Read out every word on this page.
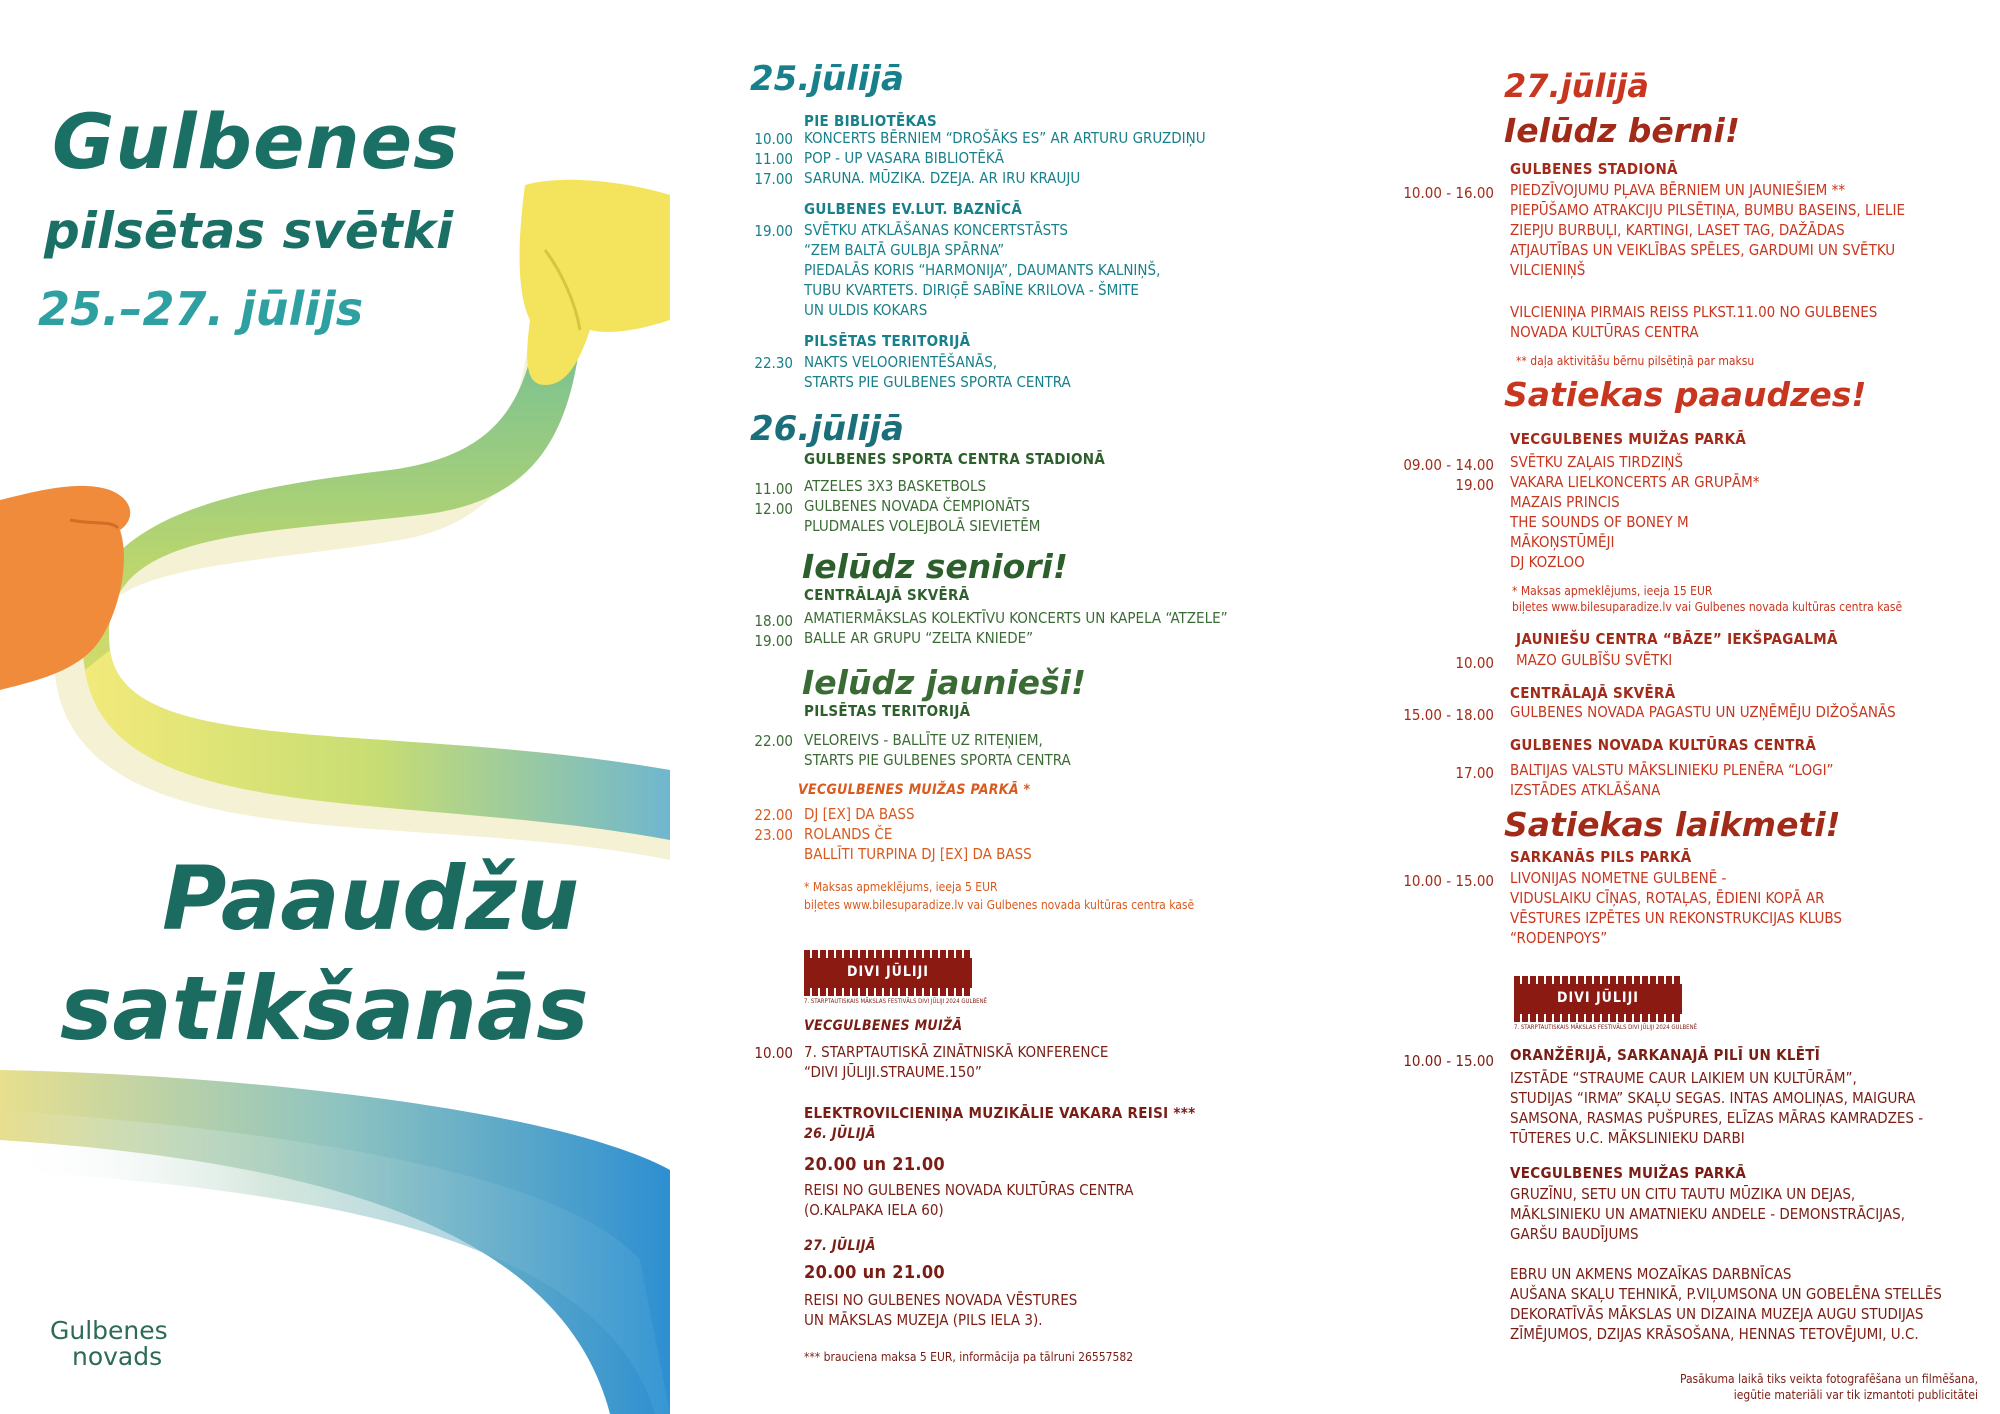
Gulbenes
pilsētas svētki
25.–27. jūlijs
Paaudžu
satikšanās
Gulbenes
novads
25.jūlijā
PIE BIBLIOTĒKAS
10.00 KONCERTS BĒRNIEM “DROŠĀKS ES” AR ARTURU GRUZDIŅU
11.00 POP - UP VASARA BIBLIOTĒKĀ
17.00 SARUNA. MŪZIKA. DZEJA. AR IRU KRAUJU
GULBENES EV.LUT. BAZNĪCĀ
19.00 SVĒTKU ATKLĀŠANAS KONCERTSTĀSTS
“ZEM BALTĀ GULBJA SPĀRNA”
PIEDALĀS KORIS “HARMONIJA”, DAUMANTS KALNIŅŠ,
TUBU KVARTETS. DIRIĢĒ SABĪNE KRILOVA - ŠMITE
UN ULDIS KOKARS
PILSĒTAS TERITORIJĀ
22.30 NAKTS VELOORIENTĒŠANĀS,
STARTS PIE GULBENES SPORTA CENTRA
26.jūlijā
GULBENES SPORTA CENTRA STADIONĀ
11.00 ATZELES 3X3 BASKETBOLS
12.00 GULBENES NOVADA ČEMPIONĀTS
PLUDMALES VOLEJBOLĀ SIEVIETĒM
Ielūdz seniori!
CENTRĀLAJĀ SKVĒRĀ
18.00 AMATIERMĀKSLAS KOLEKTĪVU KONCERTS UN KAPELA “ATZELE”
19.00 BALLE AR GRUPU “ZELTA KNIEDE”
Ielūdz jaunieši!
PILSĒTAS TERITORIJĀ
22.00 VELOREIVS - BALLĪTE UZ RITEŅIEM,
STARTS PIE GULBENES SPORTA CENTRA
VECGULBENES MUIŽAS PARKĀ *
22.00 DJ [EX] DA BASS
23.00 ROLANDS ČE
BALLĪTI TURPINA DJ [EX] DA BASS
* Maksas apmeklējums, ieeja 5 EUR
biļetes www.bilesuparadize.lv vai Gulbenes novada kultūras centra kasē
DIVI JŪLIJI
7. STARPTAUTISKAIS MĀKSLAS FESTIVĀLS DIVI JŪLIJI 2024 GULBENĒ
VECGULBENES MUIŽĀ
10.00 7. STARPTAUTISKĀ ZINĀTNISKĀ KONFERENCE
“DIVI JŪLIJI.STRAUME.150”
ELEKTROVILCIENIŅA MUZIKĀLIE VAKARA REISI ***
26. JŪLIJĀ
20.00 un 21.00
REISI NO GULBENES NOVADA KULTŪRAS CENTRA
(O.KALPAKA IELA 60)
27. JŪLIJĀ
20.00 un 21.00
REISI NO GULBENES NOVADA VĒSTURES
UN MĀKSLAS MUZEJA (PILS IELA 3).
*** brauciena maksa 5 EUR, informācija pa tālruni 26557582
27.jūlijā
Ielūdz bērni!
GULBENES STADIONĀ
10.00 - 16.00 PIEDZĪVOJUMU PĻAVA BĒRNIEM UN JAUNIEŠIEM **
PIEPŪŠAMO ATRAKCIJU PILSĒTIŅA, BUMBU BASEINS, LIELIE
ZIEPJU BURBUĻI, KARTINGI, LASET TAG, DAŽĀDAS
ATJAUTĪBAS UN VEIKLĪBAS SPĒLES, GARDUMI UN SVĒTKU
VILCIENIŅŠ
VILCIENIŅA PIRMAIS REISS PLKST.11.00 NO GULBENES
NOVADA KULTŪRAS CENTRA
** daļa aktivitāšu bērnu pilsētiņā par maksu
Satiekas paaudzes!
VECGULBENES MUIŽAS PARKĀ
09.00 - 14.00 SVĒTKU ZAĻAIS TIRDZIŅŠ
19.00 VAKARA LIELKONCERTS AR GRUPĀM*
MAZAIS PRINCIS
THE SOUNDS OF BONEY M
MĀKOŅSTŪMĒJI
DJ KOZLOO
* Maksas apmeklējums, ieeja 15 EUR
biļetes www.bilesuparadize.lv vai Gulbenes novada kultūras centra kasē
JAUNIEŠU CENTRA “BĀZE” IEKŠPAGALMĀ
10.00 MAZO GULBĪŠU SVĒTKI
CENTRĀLAJĀ SKVĒRĀ
15.00 - 18.00 GULBENES NOVADA PAGASTU UN UZŅĒMĒJU DIŽOŠANĀS
GULBENES NOVADA KULTŪRAS CENTRĀ
17.00 BALTIJAS VALSTU MĀKSLINIEKU PLENĒRA “LOGI”
IZSTĀDES ATKLĀŠANA
Satiekas laikmeti!
SARKANĀS PILS PARKĀ
10.00 - 15.00 LIVONIJAS NOMETNE GULBENĒ -
VIDUSLAIKU CĪŅAS, ROTAĻAS, ĒDIENI KOPĀ AR
VĒSTURES IZPĒTES UN REKONSTRUKCIJAS KLUBS
“RODENPOYS”
DIVI JŪLIJI
7. STARPTAUTISKAIS MĀKSLAS FESTIVĀLS DIVI JŪLIJI 2024 GULBENĒ
ORANŽĒRIJĀ, SARKANAJĀ PILĪ UN KLĒTĪ
10.00 - 15.00
IZSTĀDE “STRAUME CAUR LAIKIEM UN KULTŪRĀM”,
STUDIJAS “IRMA” SKAĻU SEGAS. INTAS AMOLIŅAS, MAIGURA
SAMSONA, RASMAS PUŠPURES, ELĪZAS MĀRAS KAMRADZES -
TŪTERES U.C. MĀKSLINIEKU DARBI
VECGULBENES MUIŽAS PARKĀ
GRUZĪNU, SETU UN CITU TAUTU MŪZIKA UN DEJAS,
MĀKLSINIEKU UN AMATNIEKU ANDELE - DEMONSTRĀCIJAS,
GARŠU BAUDĪJUMS
EBRU UN AKMENS MOZAĪKAS DARBNĪCAS
AUŠANA SKAĻU TEHNIKĀ, P.VIĻUMSONA UN GOBELĒNA STELLĒS
DEKORATĪVĀS MĀKSLAS UN DIZAINA MUZEJA AUGU STUDIJAS
ZĪMĒJUMOS, DZIJAS KRĀSOŠANA, HENNAS TETOVĒJUMI, U.C.
Pasākuma laikā tiks veikta fotografēšana un filmēšana,
iegūtie materiāli var tik izmantoti publicitātei
